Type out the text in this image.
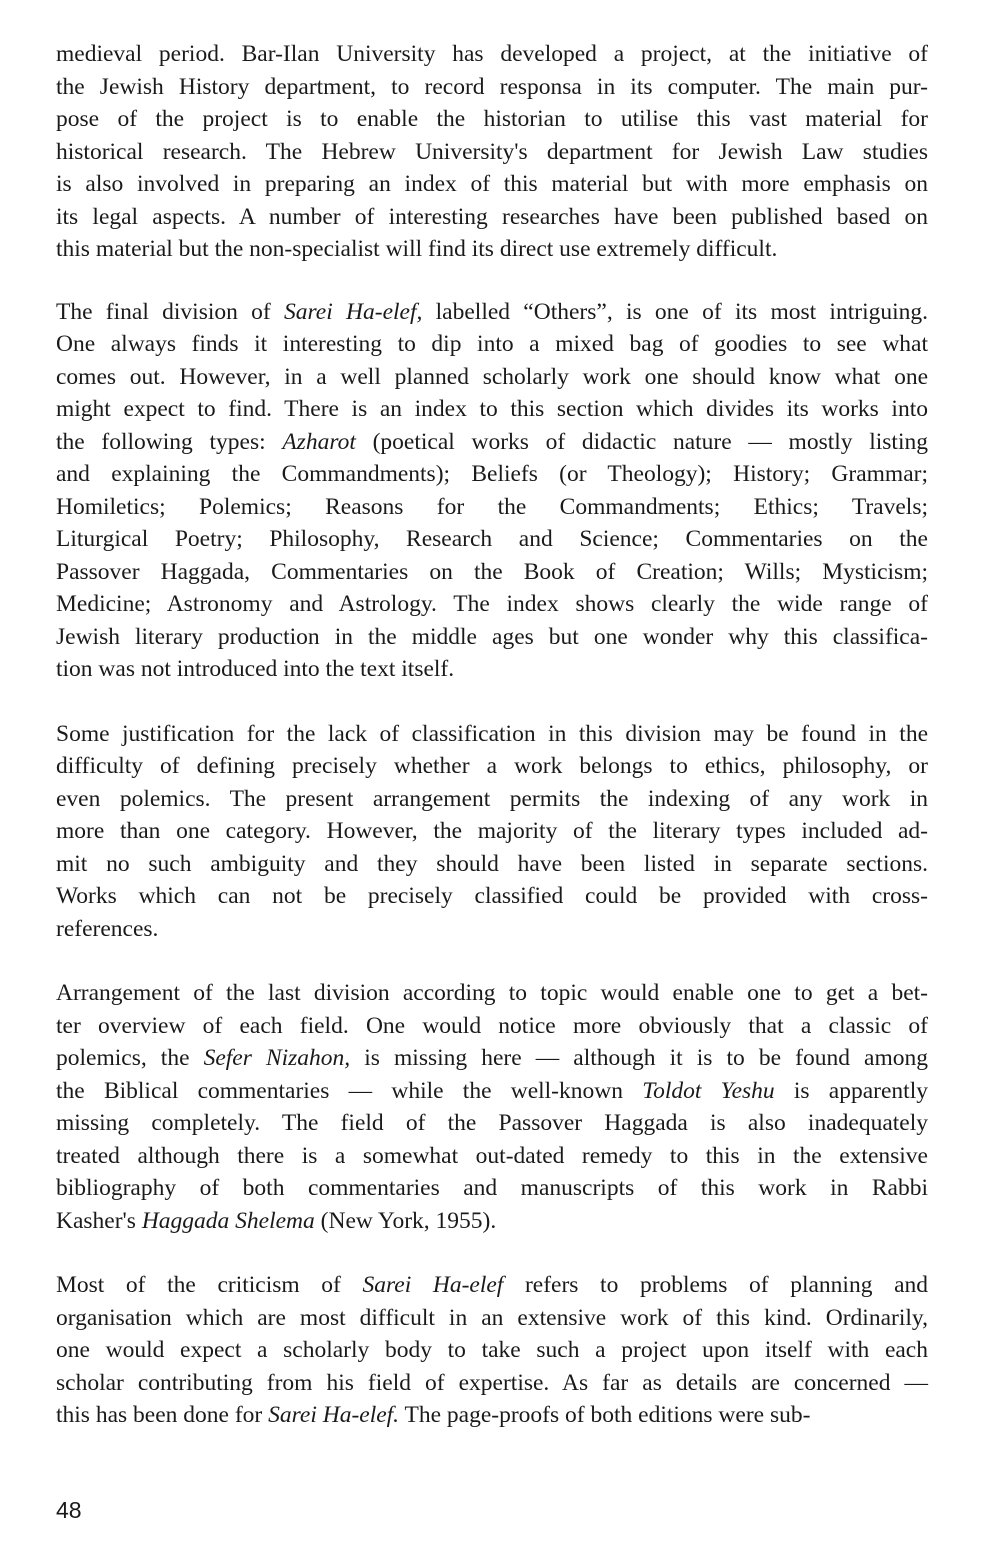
medieval period. Bar-Ilan University has developed a project, at the initiative of
the Jewish History department, to record responsa in its computer. The main pur-
pose of the project is to enable the historian to utilise this vast material for
historical research. The Hebrew University's department for Jewish Law studies
is also involved in preparing an index of this material but with more emphasis on
its legal aspects. A number of interesting researches have been published based on
this material but the non-specialist will find its direct use extremely difficult.
The final division of Sarei Ha-elef, labelled “Others”, is one of its most intriguing.
One always finds it interesting to dip into a mixed bag of goodies to see what
comes out. However, in a well planned scholarly work one should know what one
might expect to find. There is an index to this section which divides its works into
the following types: Azharot (poetical works of didactic nature — mostly listing
and explaining the Commandments); Beliefs (or Theology); History; Grammar;
Homiletics; Polemics; Reasons for the Commandments; Ethics; Travels;
Liturgical Poetry; Philosophy, Research and Science; Commentaries on the
Passover Haggada, Commentaries on the Book of Creation; Wills; Mysticism;
Medicine; Astronomy and Astrology. The index shows clearly the wide range of
Jewish literary production in the middle ages but one wonder why this classifica-
tion was not introduced into the text itself.
Some justification for the lack of classification in this division may be found in the
difficulty of defining precisely whether a work belongs to ethics, philosophy, or
even polemics. The present arrangement permits the indexing of any work in
more than one category. However, the majority of the literary types included ad-
mit no such ambiguity and they should have been listed in separate sections.
Works which can not be precisely classified could be provided with cross-
references.
Arrangement of the last division according to topic would enable one to get a bet-
ter overview of each field. One would notice more obviously that a classic of
polemics, the Sefer Nizahon, is missing here — although it is to be found among
the Biblical commentaries — while the well-known Toldot Yeshu is apparently
missing completely. The field of the Passover Haggada is also inadequately
treated although there is a somewhat out-dated remedy to this in the extensive
bibliography of both commentaries and manuscripts of this work in Rabbi
Kasher's Haggada Shelema (New York, 1955).
Most of the criticism of Sarei Ha-elef refers to problems of planning and
organisation which are most difficult in an extensive work of this kind. Ordinarily,
one would expect a scholarly body to take such a project upon itself with each
scholar contributing from his field of expertise. As far as details are concerned —
this has been done for Sarei Ha-elef. The page-proofs of both editions were sub-
48
